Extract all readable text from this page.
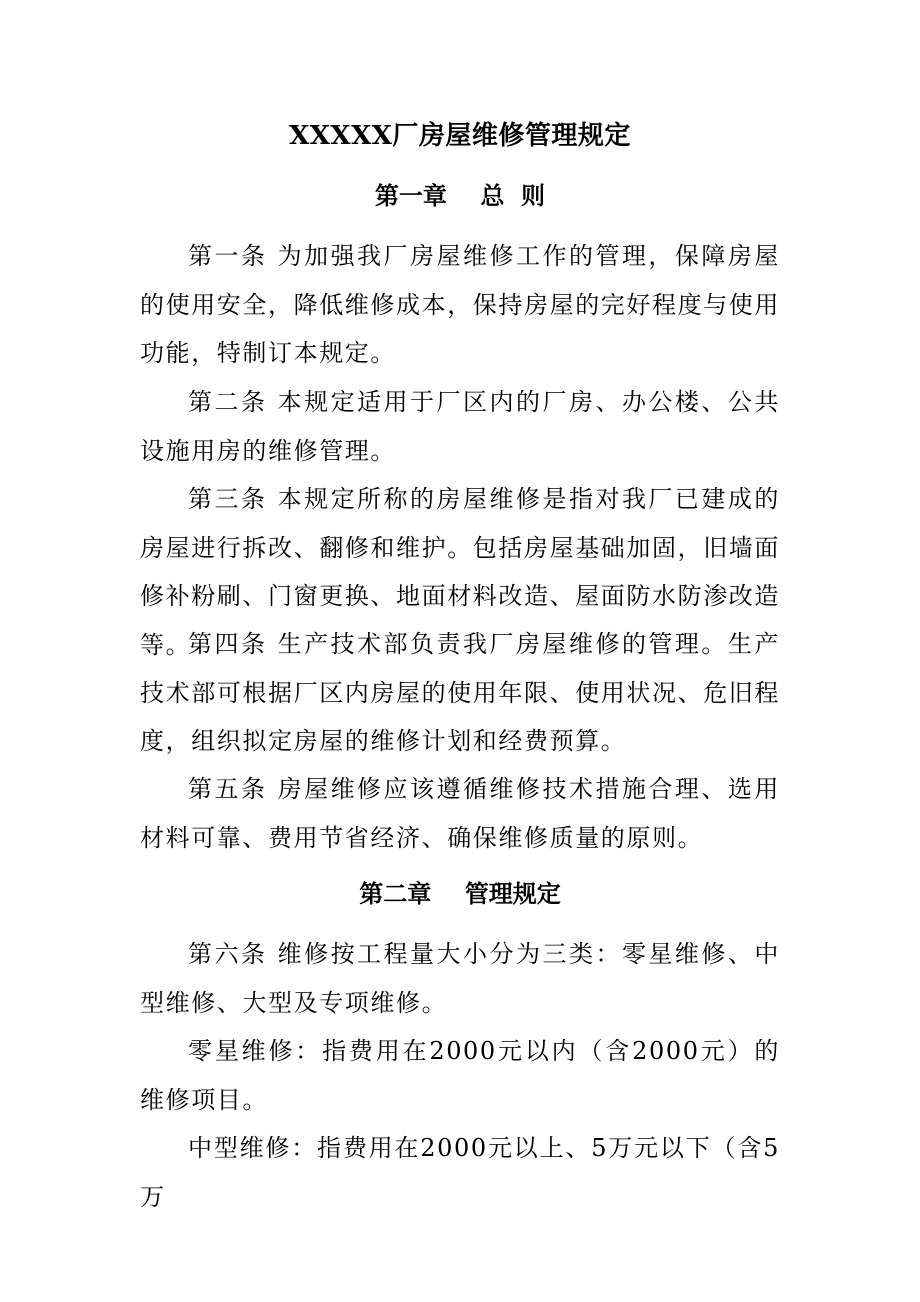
XXXXX厂房屋维修管理规定
第一章    总  则

第一条 为加强我厂房屋维修工作的管理，保障房屋的使用安全，降低维修成本，保持房屋的完好程度与使用功能，特制订本规定。

第二条 本规定适用于厂区内的厂房、办公楼、公共设施用房的维修管理。

第三条 本规定所称的房屋维修是指对我厂已建成的房屋进行拆改、翻修和维护。包括房屋基础加固，旧墙面修补粉刷、门窗更换、地面材料改造、屋面防水防渗改造等。

第四条 生产技术部负责我厂房屋维修的管理。生产技术部可根据厂区内房屋的使用年限、使用状况、危旧程度，组织拟定房屋的维修计划和经费预算。

第五条 房屋维修应该遵循维修技术措施合理、选用材料可靠、费用节省经济、确保维修质量的原则。

第二章    管理规定

第六条 维修按工程量大小分为三类：零星维修、中型维修、大型及专项维修。

零星维修：指费用在2000元以内（含2000元）的维修项目。

中型维修：指费用在2000元以上、5万元以下（含5万
